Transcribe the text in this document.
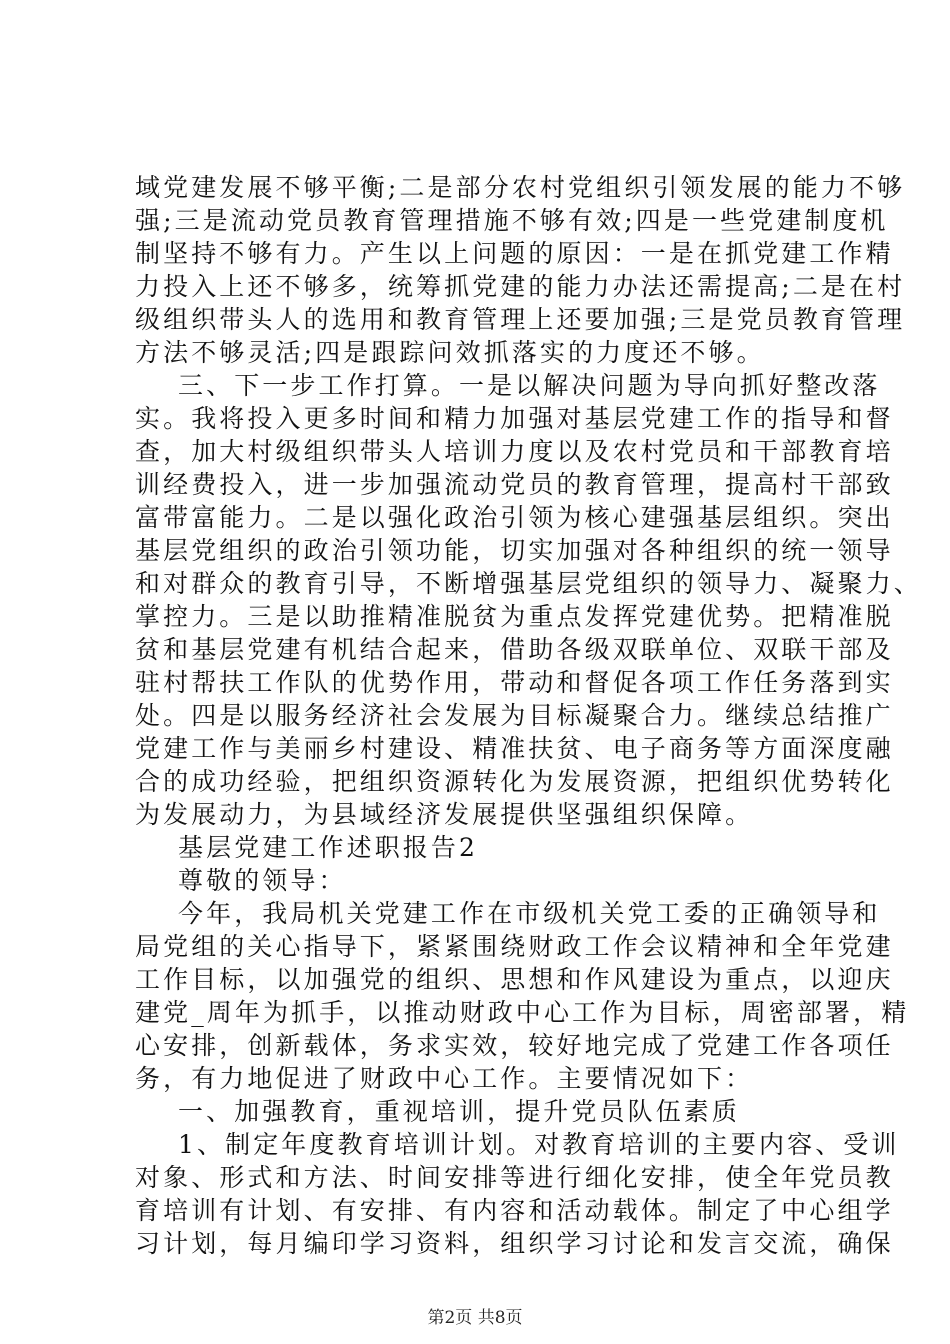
域党建发展不够平衡;二是部分农村党组织引领发展的能力不够
强;三是流动党员教育管理措施不够有效;四是一些党建制度机
制坚持不够有力。产生以上问题的原因：一是在抓党建工作精
力投入上还不够多，统筹抓党建的能力办法还需提高;二是在村
级组织带头人的选用和教育管理上还要加强;三是党员教育管理
方法不够灵活;四是跟踪问效抓落实的力度还不够。
三、下一步工作打算。一是以解决问题为导向抓好整改落
实。我将投入更多时间和精力加强对基层党建工作的指导和督
查，加大村级组织带头人培训力度以及农村党员和干部教育培
训经费投入，进一步加强流动党员的教育管理，提高村干部致
富带富能力。二是以强化政治引领为核心建强基层组织。突出
基层党组织的政治引领功能，切实加强对各种组织的统一领导
和对群众的教育引导，不断增强基层党组织的领导力、凝聚力、
掌控力。三是以助推精准脱贫为重点发挥党建优势。把精准脱
贫和基层党建有机结合起来，借助各级双联单位、双联干部及
驻村帮扶工作队的优势作用，带动和督促各项工作任务落到实
处。四是以服务经济社会发展为目标凝聚合力。继续总结推广
党建工作与美丽乡村建设、精准扶贫、电子商务等方面深度融
合的成功经验，把组织资源转化为发展资源，把组织优势转化
为发展动力，为县域经济发展提供坚强组织保障。
基层党建工作述职报告2
尊敬的领导：
今年，我局机关党建工作在市级机关党工委的正确领导和
局党组的关心指导下，紧紧围绕财政工作会议精神和全年党建
工作目标，以加强党的组织、思想和作风建设为重点，以迎庆
建党_周年为抓手，以推动财政中心工作为目标，周密部署，精
心安排，创新载体，务求实效，较好地完成了党建工作各项任
务，有力地促进了财政中心工作。主要情况如下：
一、加强教育，重视培训，提升党员队伍素质
1、制定年度教育培训计划。对教育培训的主要内容、受训
对象、形式和方法、时间安排等进行细化安排，使全年党员教
育培训有计划、有安排、有内容和活动载体。制定了中心组学
习计划，每月编印学习资料，组织学习讨论和发言交流，确保
第2页 共8页
